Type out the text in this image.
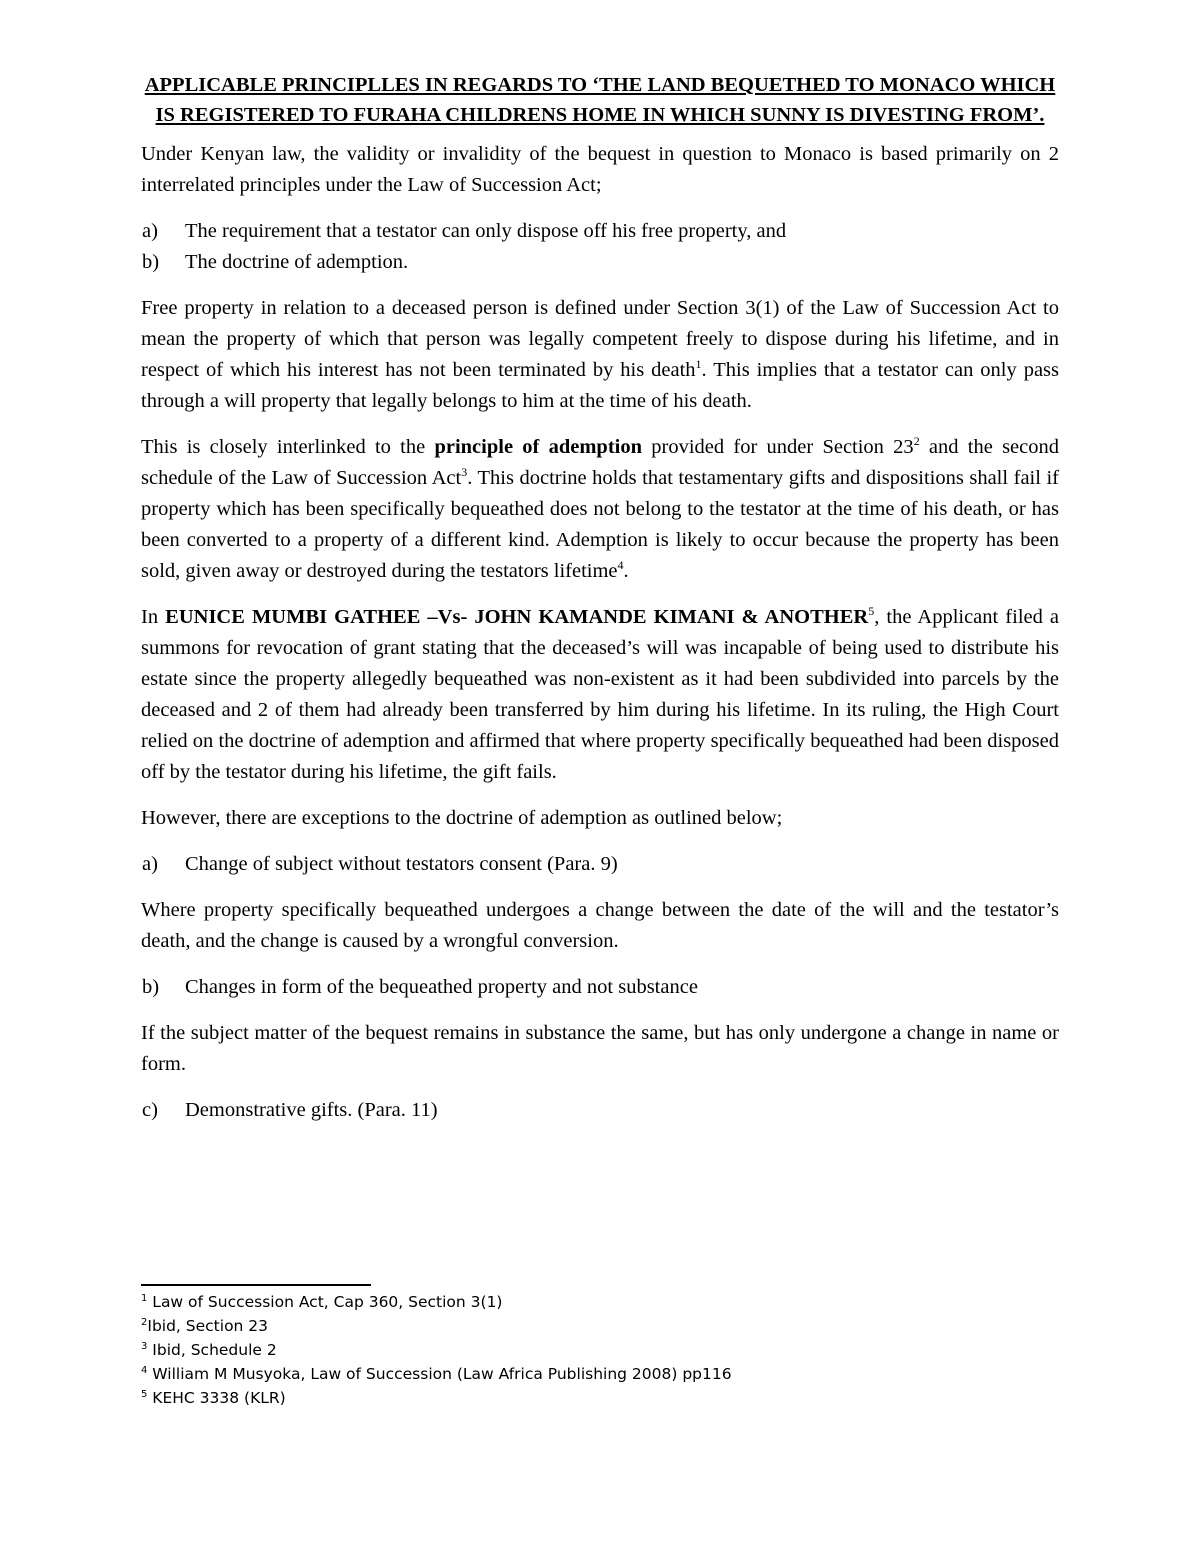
APPLICABLE PRINCIPLLES IN REGARDS TO ‘THE LAND BEQUETHED TO MONACO WHICH IS REGISTERED TO FURAHA CHILDRENS HOME IN WHICH SUNNY IS DIVESTING FROM’.

Under Kenyan law, the validity or invalidity of the bequest in question to Monaco is based primarily on 2 interrelated principles under the Law of Succession Act;

a)	The requirement that a testator can only dispose off his free property, and
b)	The doctrine of ademption.

Free property in relation to a deceased person is defined under Section 3(1) of the Law of Succession Act to mean the property of which that person was legally competent freely to dispose during his lifetime, and in respect of which his interest has not been terminated by his death$^1$. This implies that a testator can only pass through a will property that legally belongs to him at the time of his death.

This is closely interlinked to the principle of ademption provided for under Section $23^2$ and the second schedule of the Law of Succession Act$^3$. This doctrine holds that testamentary gifts and dispositions shall fail if property which has been specifically bequeathed does not belong to the testator at the time of his death, or has been converted to a property of a different kind. Ademption is likely to occur because the property has been sold, given away or destroyed during the testators lifetime$^4$.

In EUNICE MUMBI GATHEE –Vs- JOHN KAMANDE KIMANI & ANOTHER$^5$, the Applicant filed a summons for revocation of grant stating that the deceased’s will was incapable of being used to distribute his estate since the property allegedly bequeathed was non-existent as it had been subdivided into parcels by the deceased and 2 of them had already been transferred by him during his lifetime. In its ruling, the High Court relied on the doctrine of ademption and affirmed that where property specifically bequeathed had been disposed off by the testator during his lifetime, the gift fails.

However, there are exceptions to the doctrine of ademption as outlined below;

a)	Change of subject without testators consent (Para. 9)

Where property specifically bequeathed undergoes a change between the date of the will and the testator’s death, and the change is caused by a wrongful conversion.

b)	Changes in form of the bequeathed property and not substance

If the subject matter of the bequest remains in substance the same, but has only undergone a change in name or form.

c)	Demonstrative gifts. (Para. 11)
$^1$ Law of Succession Act, Cap 360, Section 3(1)
$^2$Ibid, Section 23
$^3$ Ibid, Schedule 2
$^4$ William M Musyoka, Law of Succession (Law Africa Publishing 2008) pp116
$^5$ KEHC 3338 (KLR)
